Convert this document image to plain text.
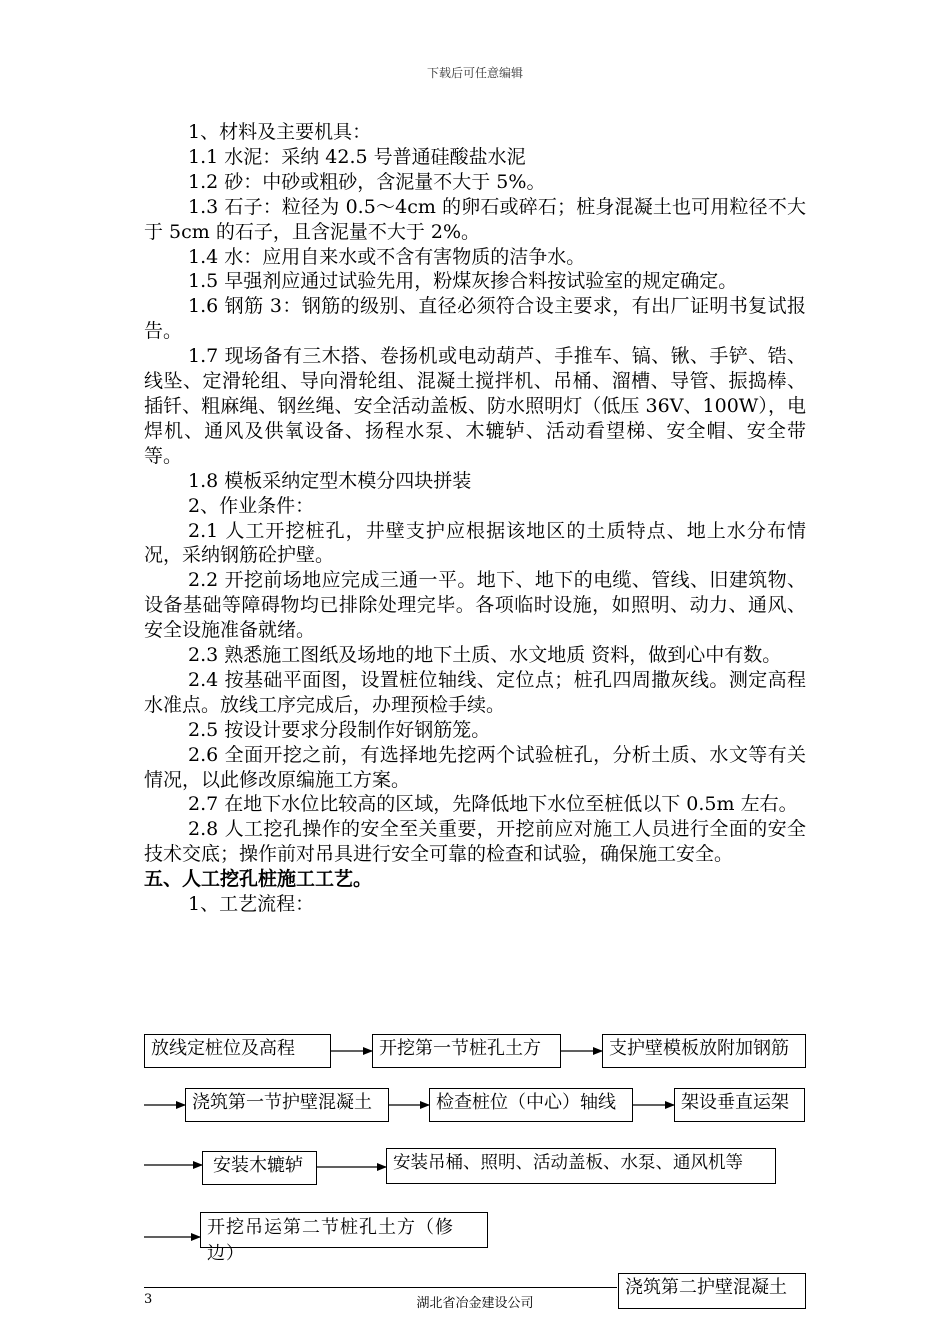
下载后可任意编辑

1、材料及主要机具：

1.1 水泥：采纳 42.5 号普通硅酸盐水泥

1.2 砂：中砂或粗砂，含泥量不大于 5%。

1.3 石子：粒径为 0.5～4cm 的卵石或碎石；桩身混凝土也可用粒径不大于 5cm 的石子，且含泥量不大于 2%。

1.4 水：应用自来水或不含有害物质的洁争水。

1.5 早强剂应通过试验先用，粉煤灰掺合料按试验室的规定确定。

1.6 钢筋 3：钢筋的级别、直径必须符合设主要求，有出厂证明书复试报告。

1.7 现场备有三木搭、卷扬机或电动葫芦、手推车、镐、锹、手铲、锆、线坠、定滑轮组、导向滑轮组、混凝土搅拌机、吊桶、溜槽、导管、振捣棒、插钎、粗麻绳、钢丝绳、安全活动盖板、防水照明灯（低压 36V、100W），电焊机、通风及供氧设备、扬程水泵、木辘轳、活动看望梯、安全帽、安全带等。

1.8 模板采纳定型木模分四块拼装

2、作业条件：

2.1 人工开挖桩孔，井壁支护应根据该地区的土质特点、地上水分布情况，采纳钢筋砼护壁。

2.2 开挖前场地应完成三通一平。地下、地下的电缆、管线、旧建筑物、设备基础等障碍物均已排除处理完毕。各项临时设施，如照明、动力、通风、安全设施准备就绪。

2.3 熟悉施工图纸及场地的地下土质、水文地质 资料，做到心中有数。

2.4 按基础平面图，设置桩位轴线、定位点；桩孔四周撒灰线。测定高程水准点。放线工序完成后，办理预检手续。

2.5 按设计要求分段制作好钢筋笼。

2.6 全面开挖之前，有选择地先挖两个试验桩孔，分析土质、水文等有关情况，以此修改原编施工方案。

2.7 在地下水位比较高的区域，先降低地下水位至桩低以下 0.5m 左右。

2.8 人工挖孔操作的安全至关重要，开挖前应对施工人员进行全面的安全技术交底；操作前对吊具进行安全可靠的检查和试验，确保施工安全。

五、人工挖孔桩施工工艺。

1、工艺流程：

放线定桩位及高程	开挖第一节桩孔土方	支护壁模板放附加钢筋
浇筑第一节护壁混凝土	检查桩位（中心）轴线	架设垂直运架
安装木辘轳	安装吊桶、照明、活动盖板、水泵、通风机等
开挖吊运第二节桩孔土方（修边）
浇筑第二护壁混凝土
3	湖北省冶金建设公司
